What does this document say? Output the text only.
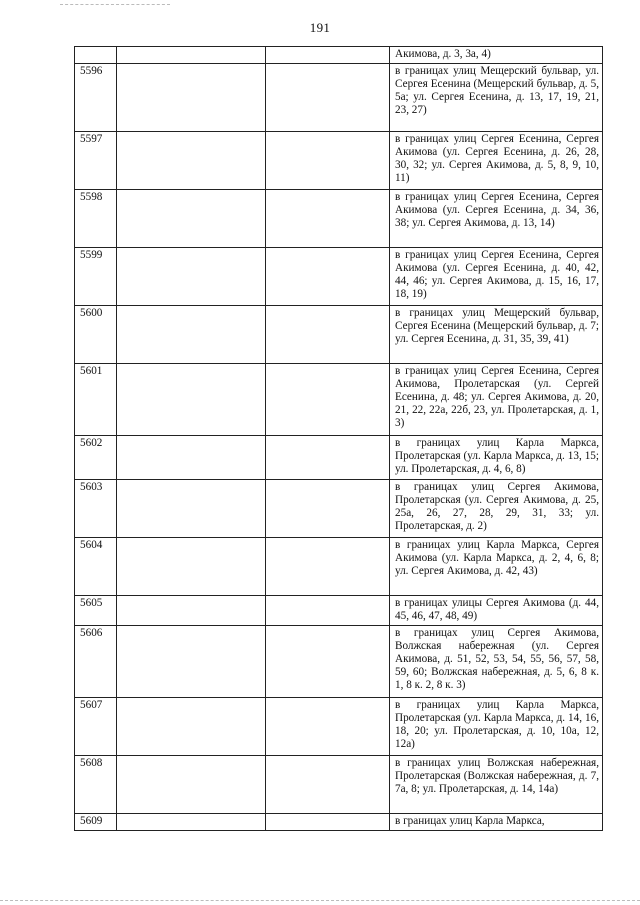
191
			Акимова, д. 3, 3а, 4)
5596			в границах улиц Мещерский бульвар, ул. Сергея Есенина (Мещерский бульвар, д. 5, 5а; ул. Сергея Есенина, д. 13, 17, 19, 21, 23, 27)
5597			в границах улиц Сергея Есенина, Сергея Акимова (ул. Сергея Есенина, д. 26, 28, 30, 32; ул. Сергея Акимова, д. 5, 8, 9, 10, 11)
5598			в границах улиц Сергея Есенина, Сергея Акимова (ул. Сергея Есенина, д. 34, 36, 38; ул. Сергея Акимова, д. 13, 14)
5599			в границах улиц Сергея Есенина, Сергея Акимова (ул. Сергея Есенина, д. 40, 42, 44, 46; ул. Сергея Акимова, д. 15, 16, 17, 18, 19)
5600			в границах улиц Мещерский бульвар, Сергея Есенина (Мещерский бульвар, д. 7; ул. Сергея Есенина, д. 31, 35, 39, 41)
5601			в границах улиц Сергея Есенина, Сергея Акимова, Пролетарская (ул. Сергей Есенина, д. 48; ул. Сергея Акимова, д. 20, 21, 22, 22а, 22б, 23, ул. Пролетарская, д. 1, 3)
5602			в границах улиц Карла Маркса, Пролетарская (ул. Карла Маркса, д. 13, 15; ул. Пролетарская, д. 4, 6, 8)
5603			в границах улиц Сергея Акимова, Пролетарская (ул. Сергея Акимова, д. 25, 25а, 26, 27, 28, 29, 31, 33; ул. Пролетарская, д. 2)
5604			в границах улиц Карла Маркса, Сергея Акимова (ул. Карла Маркса, д. 2, 4, 6, 8; ул. Сергея Акимова, д. 42, 43)
5605			в границах улицы Сергея Акимова (д. 44, 45, 46, 47, 48, 49)
5606			в границах улиц Сергея Акимова, Волжская набережная (ул. Сергея Акимова, д. 51, 52, 53, 54, 55, 56, 57, 58, 59, 60; Волжская набережная, д. 5, 6, 8 к. 1, 8 к. 2, 8 к. 3)
5607			в границах улиц Карла Маркса, Пролетарская (ул. Карла Маркса, д. 14, 16, 18, 20; ул. Пролетарская, д. 10, 10а, 12, 12а)
5608			в границах улиц Волжская набережная, Пролетарская (Волжская набережная, д. 7, 7а, 8; ул. Пролетарская, д. 14, 14а)
5609			в границах улиц Карла Маркса,
